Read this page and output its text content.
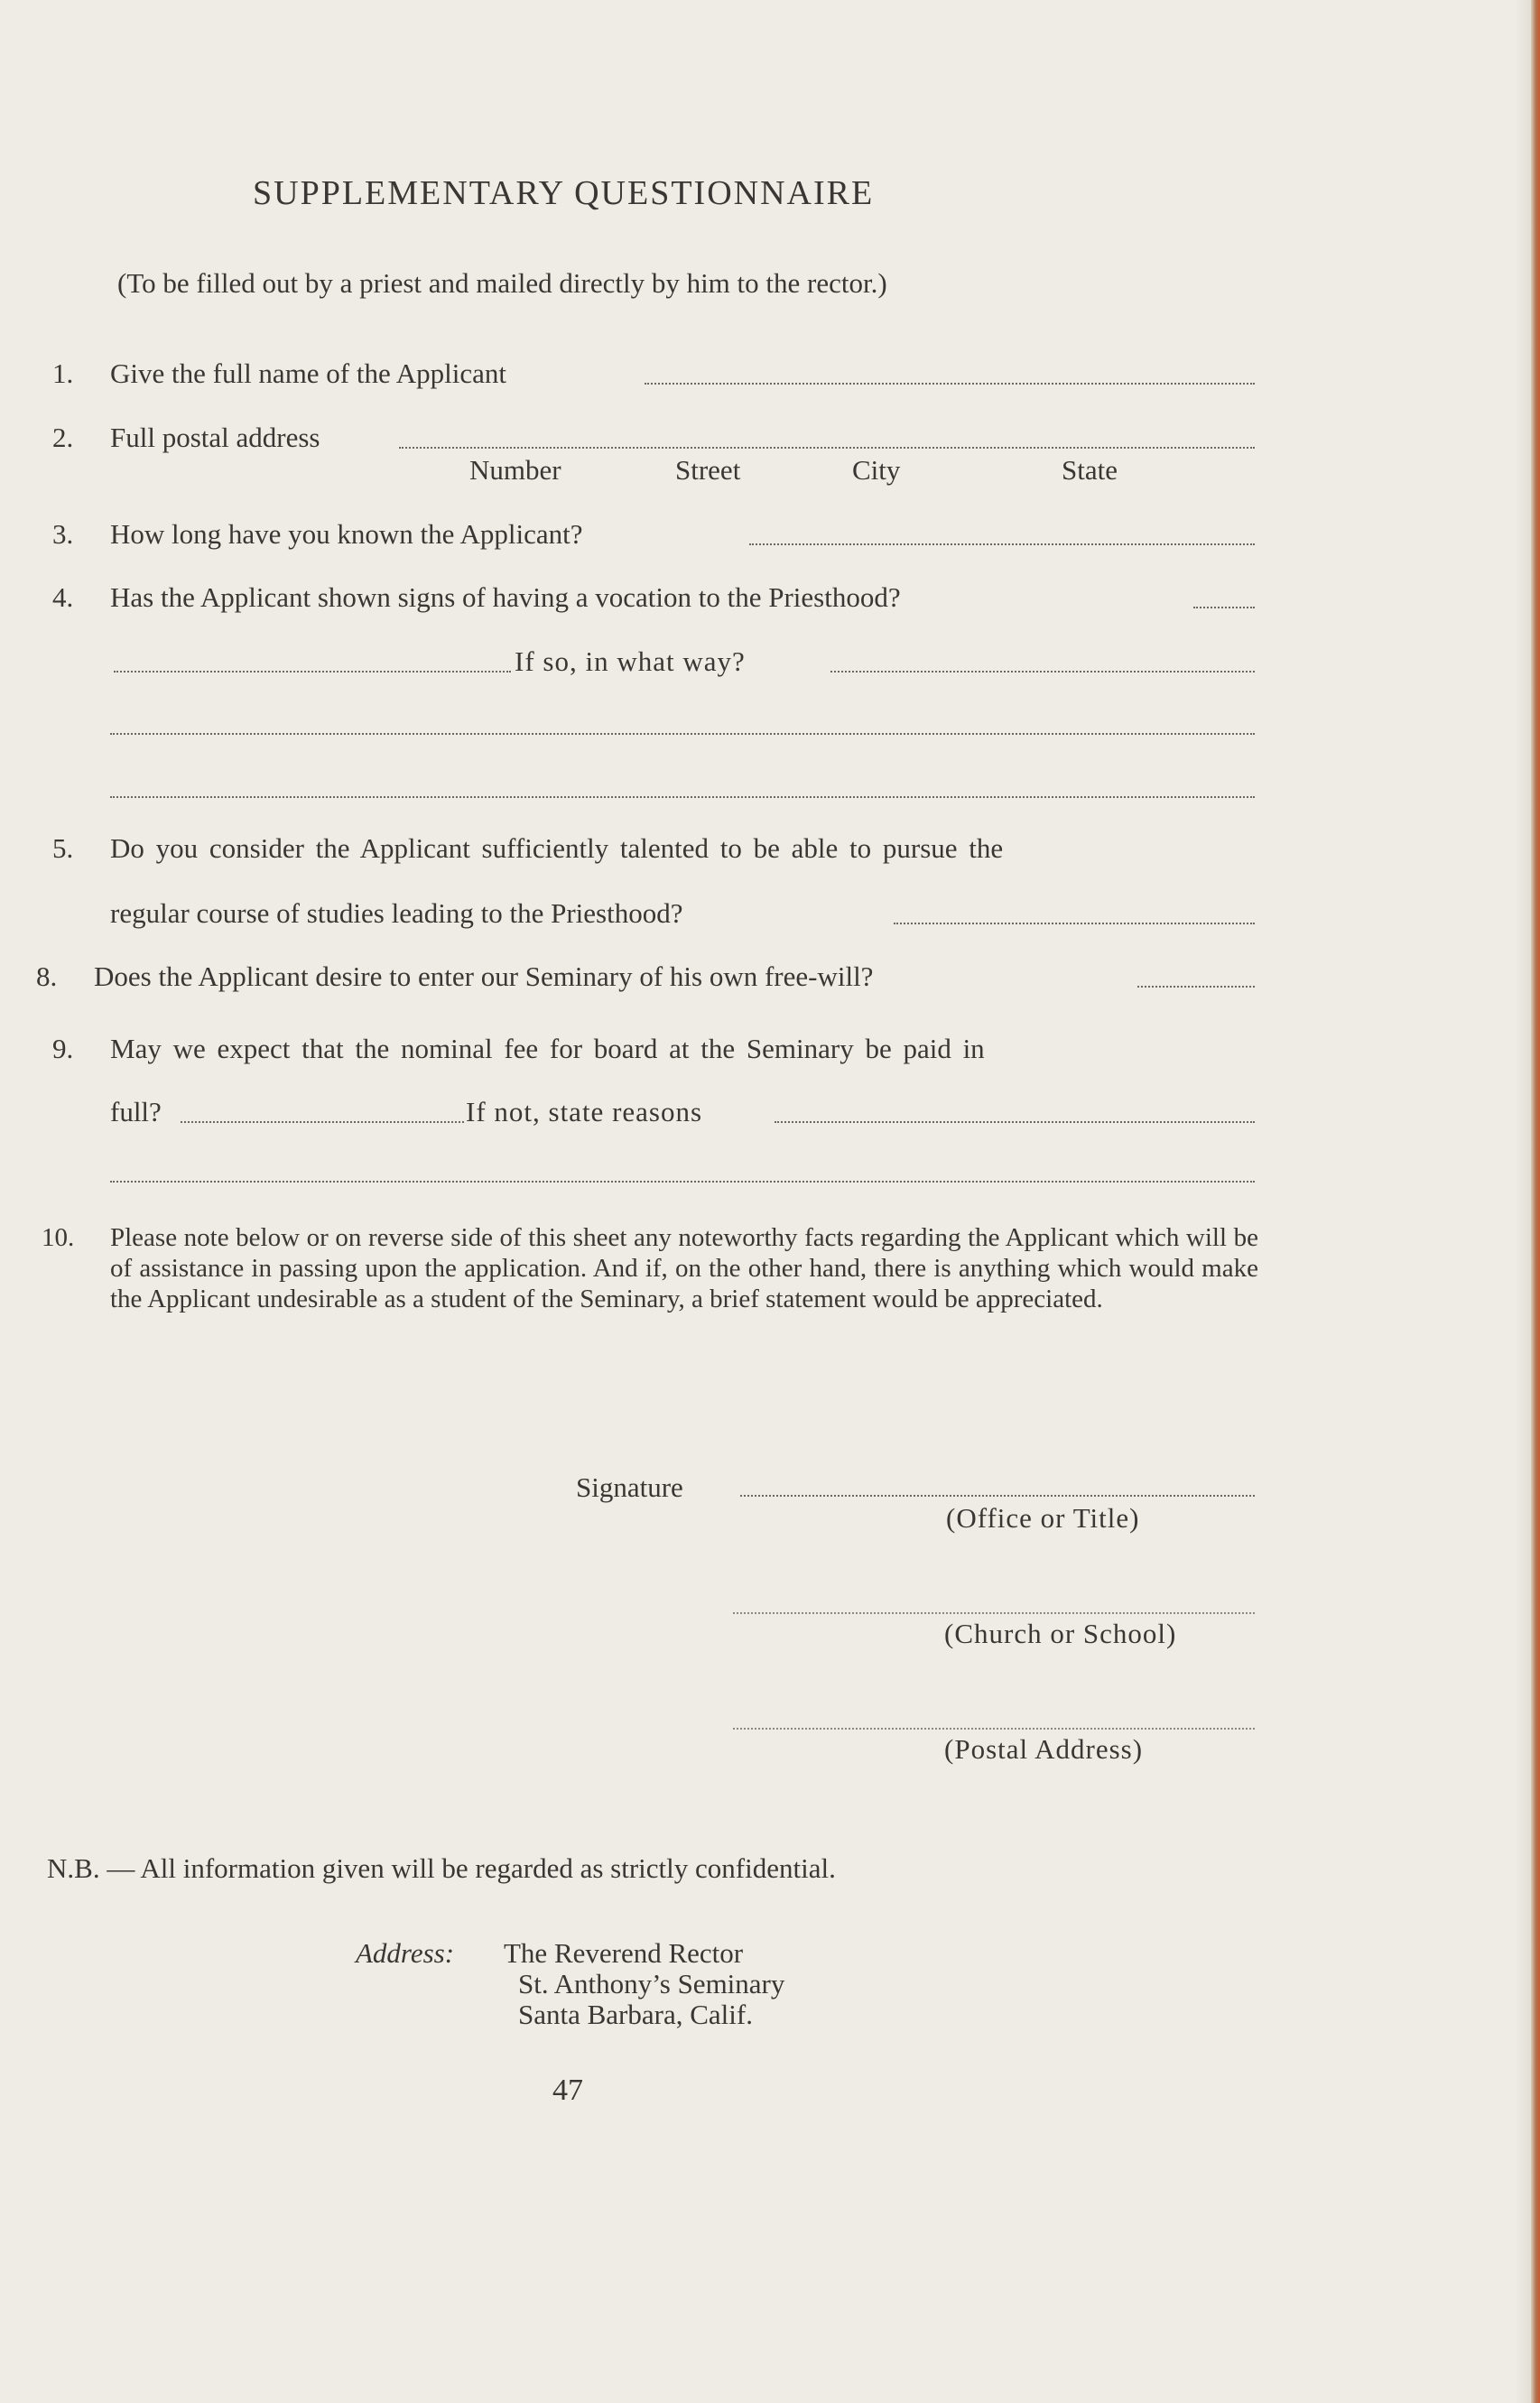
SUPPLEMENTARY QUESTIONNAIRE
(To be filled out by a priest and mailed directly by him to the rector.)
1. Give the full name of the Applicant
2. Full postal address
Number	Street	City	State
3. How long have you known the Applicant?
4. Has the Applicant shown signs of having a vocation to the Priesthood?
If so, in what way?
5. Do you consider the Applicant sufficiently talented to be able to pursue the
regular course of studies leading to the Priesthood?
8. Does the Applicant desire to enter our Seminary of his own free-will?
9. May we expect that the nominal fee for board at the Seminary be paid in
full?	If not, state reasons
10. Please note below or on reverse side of this sheet any noteworthy facts regarding the Applicant which will be of assistance in passing upon the application. And if, on the other hand, there is anything which would make the Applicant undesirable as a student of the Seminary, a brief statement would be appreciated.
Signature
(Office or Title)
(Church or School)
(Postal Address)
N.B. — All information given will be regarded as strictly confidential.
Address: The Reverend Rector
St. Anthony’s Seminary
Santa Barbara, Calif.
47
